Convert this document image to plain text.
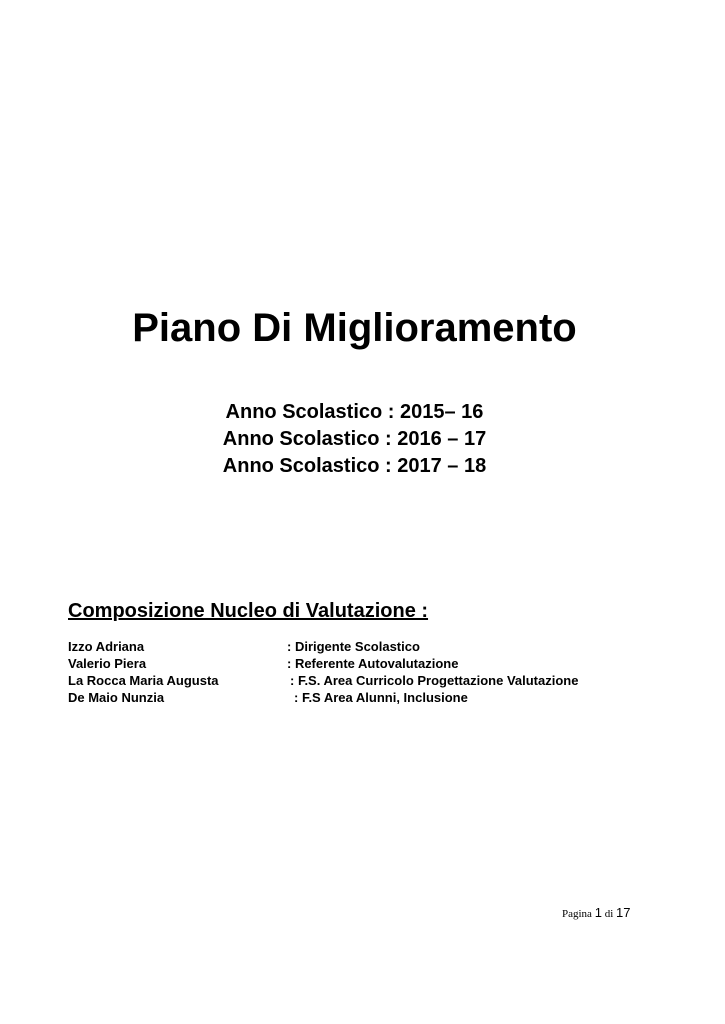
Piano Di Miglioramento
Anno Scolastico : 2015– 16
Anno Scolastico : 2016 – 17
Anno Scolastico : 2017 – 18
Composizione Nucleo di Valutazione :
Izzo Adriana	: Dirigente Scolastico
Valerio Piera	: Referente Autovalutazione
La Rocca Maria Augusta	: F.S. Area Curricolo Progettazione Valutazione
De Maio Nunzia	: F.S Area Alunni, Inclusione
Pagina 1 di 17
